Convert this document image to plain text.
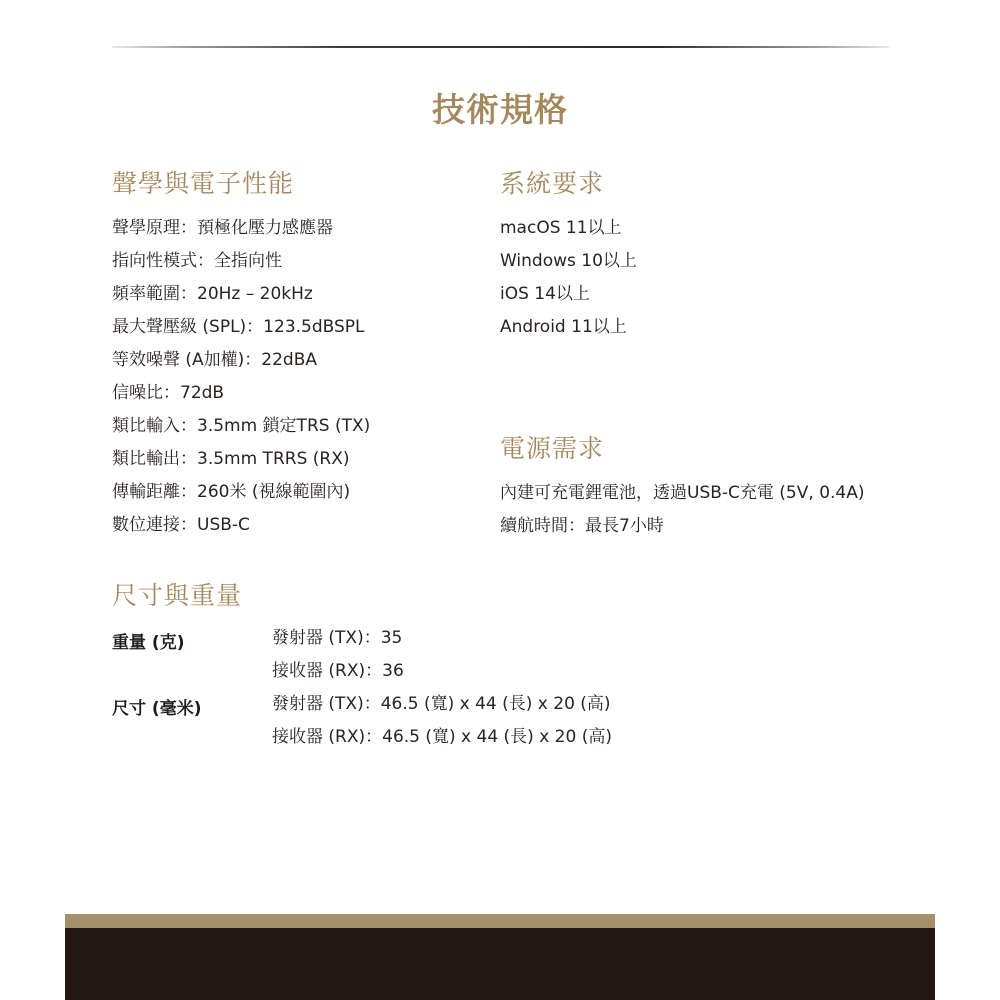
技術規格
聲學與電子性能
聲學原理：預極化壓力感應器
指向性模式：全指向性
頻率範圍：20Hz – 20kHz
最大聲壓級 (SPL)：123.5dBSPL
等效噪聲 (A加權)：22dBA
信噪比：72dB
類比輸入：3.5mm 鎖定TRS (TX)
類比輸出：3.5mm TRRS (RX)
傳輸距離：260米 (視線範圍內)
數位連接：USB-C
系統要求
macOS 11以上
Windows 10以上
iOS 14以上
Android 11以上
電源需求
內建可充電鋰電池，透過USB-C充電 (5V, 0.4A)
續航時間：最長7小時
尺寸與重量
重量 (克)	發射器 (TX)：35
接收器 (RX)：36
尺寸 (毫米)	發射器 (TX)：46.5 (寬) x 44 (長) x 20 (高)
接收器 (RX)：46.5 (寬) x 44 (長) x 20 (高)
